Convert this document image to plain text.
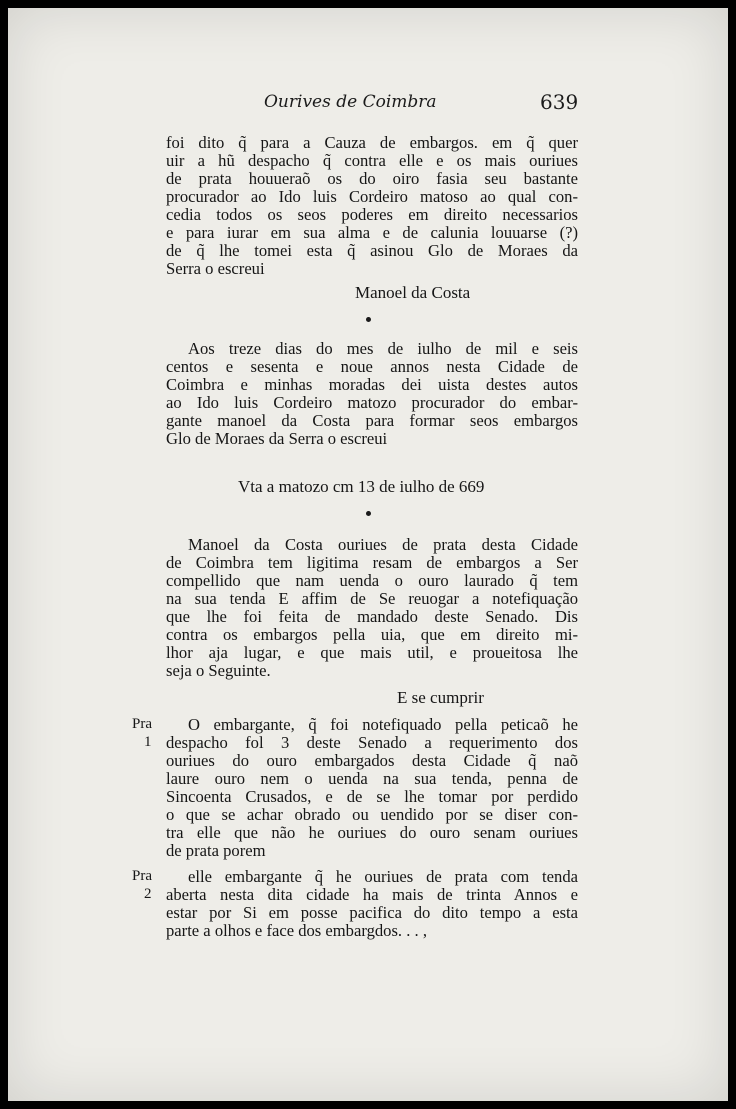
Ourives de Coimbra	639
foi dito q̃ para a Cauza de embargos. em q̃ quer
uir a hũ despacho q̃ contra elle e os mais ouriues
de prata houueraõ os do oiro fasia seu bastante
procurador ao Ido luis Cordeiro matoso ao qual con-
cedia todos os seos poderes em direito necessarios
e para iurar em sua alma e de calunia louuarse (?)
de q̃ lhe tomei esta q̃ asinou Glo de Moraes da
Serra o escreui
Manoel da Costa
Aos treze dias do mes de iulho de mil e seis
centos e sesenta e noue annos nesta Cidade de
Coimbra e minhas moradas dei uista destes autos
ao Ido luis Cordeiro matozo procurador do embar-
gante manoel da Costa para formar seos embargos
Glo de Moraes da Serra o escreui
Vta a matozo cm 13 de iulho de 669
Manoel da Costa ouriues de prata desta Cidade
de Coimbra tem ligitima resam de embargos a Ser
compellido que nam uenda o ouro laurado q̃ tem
na sua tenda E affim de Se reuogar a notefiquação
que lhe foi feita de mandado deste Senado. Dis
contra os embargos pella uia, que em direito mi-
lhor aja lugar, e que mais util, e proueitosa lhe
seja o Seguinte.
E se cumprir
Pra
1
O embargante, q̃ foi notefiquado pella peticaõ he
despacho fol 3 deste Senado a requerimento dos
ouriues do ouro embargados desta Cidade q̃ naõ
laure ouro nem o uenda na sua tenda, penna de
Sincoenta Crusados, e de se lhe tomar por perdido
o que se achar obrado ou uendido por se diser con-
tra elle que não he ouriues do ouro senam ouriues
de prata porem
Pra
2
elle embargante q̃ he ouriues de prata com tenda
aberta nesta dita cidade ha mais de trinta Annos e
estar por Si em posse pacifica do dito tempo a esta
parte a olhos e face dos embargdos. . . ,
